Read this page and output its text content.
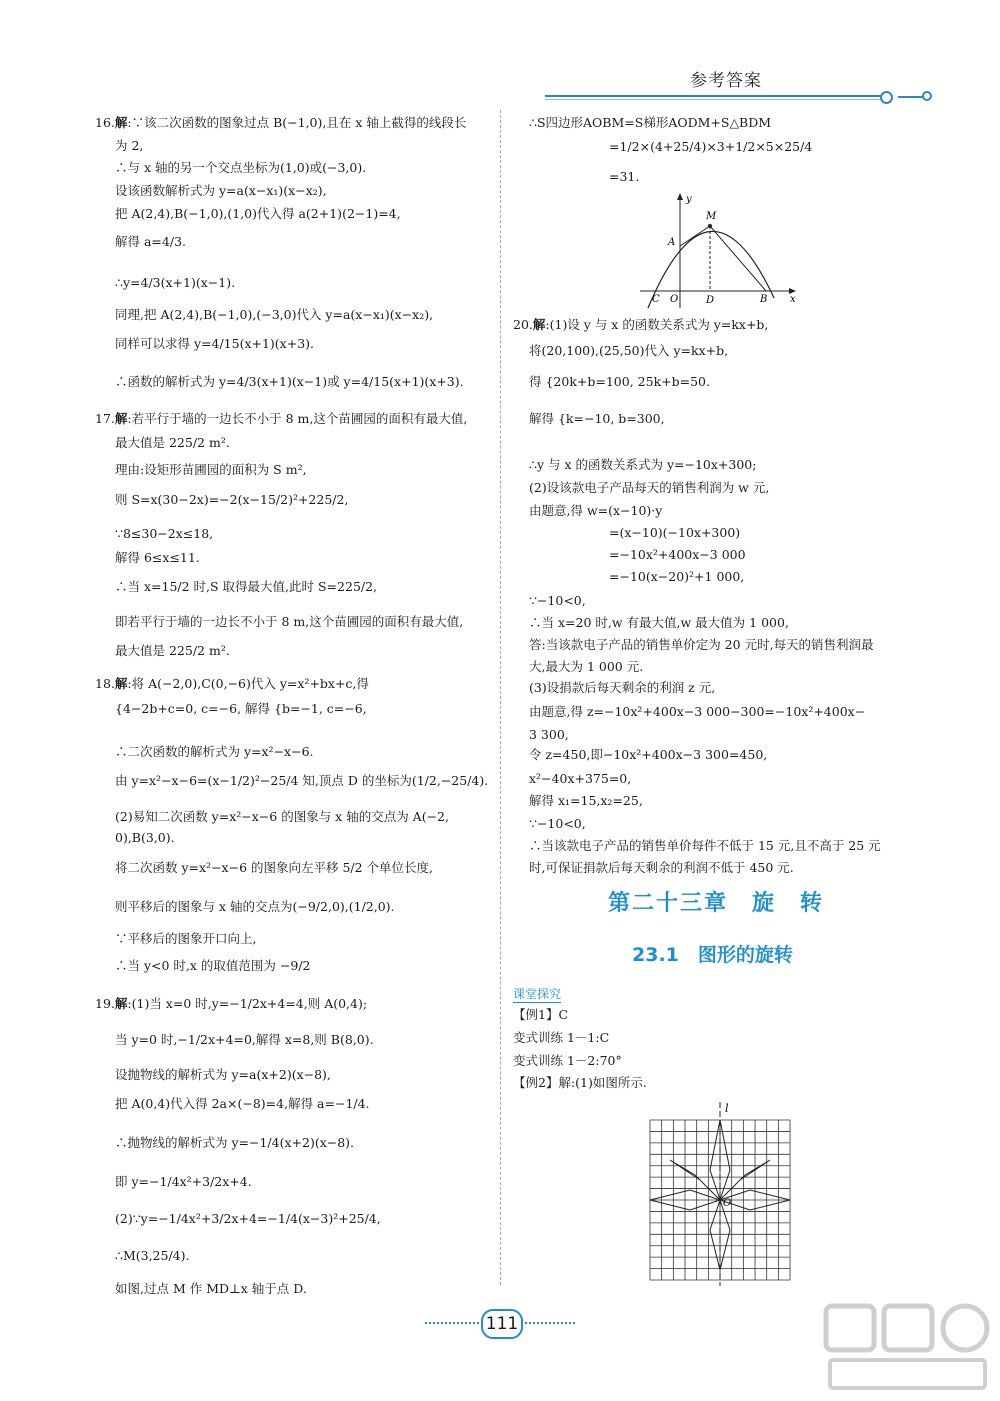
参考答案
16.解:∵该二次函数的图象过点 B(−1,0),且在 x 轴上截得的线段长
为 2,
∴与 x 轴的另一个交点坐标为(1,0)或(−3,0).
设该函数解析式为 y=a(x−x₁)(x−x₂),
把 A(2,4),B(−1,0),(1,0)代入得 a(2+1)(2−1)=4,
解得 a=4/3.
∴y=4/3(x+1)(x−1).
同理,把 A(2,4),B(−1,0),(−3,0)代入 y=a(x−x₁)(x−x₂),
同样可以求得 y=4/15(x+1)(x+3).
∴函数的解析式为 y=4/3(x+1)(x−1)或 y=4/15(x+1)(x+3).
17.解:若平行于墙的一边长不小于 8 m,这个苗圃园的面积有最大值,
最大值是 225/2 m².
理由:设矩形苗圃园的面积为 S m²,
则 S=x(30−2x)=−2(x−15/2)²+225/2,
∵8≤30−2x≤18,
解得 6≤x≤11.
∴当 x=15/2 时,S 取得最大值,此时 S=225/2,
即若平行于墙的一边长不小于 8 m,这个苗圃园的面积有最大值,
最大值是 225/2 m².
18.解:将 A(−2,0),C(0,−6)代入 y=x²+bx+c,得
{4−2b+c=0, c=−6, 解得 {b=−1, c=−6,
∴二次函数的解析式为 y=x²−x−6.
由 y=x²−x−6=(x−1/2)²−25/4 知,顶点 D 的坐标为(1/2,−25/4).
(2)易知二次函数 y=x²−x−6 的图象与 x 轴的交点为 A(−2,
0),B(3,0).
将二次函数 y=x²−x−6 的图象向左平移 5/2 个单位长度,
则平移后的图象与 x 轴的交点为(−9/2,0),(1/2,0).
∵平移后的图象开口向上,
∴当 y<0 时,x 的取值范围为 −9/2
19.解:(1)当 x=0 时,y=−1/2x+4=4,则 A(0,4);
当 y=0 时,−1/2x+4=0,解得 x=8,则 B(8,0).
设抛物线的解析式为 y=a(x+2)(x−8),
把 A(0,4)代入得 2a×(−8)=4,解得 a=−1/4.
∴抛物线的解析式为 y=−1/4(x+2)(x−8).
即 y=−1/4x²+3/2x+4.
(2)∵y=−1/4x²+3/2x+4=−1/4(x−3)²+25/4,
∴M(3,25/4).
如图,过点 M 作 MD⊥x 轴于点 D.
∴S四边形AOBM=S梯形AODM+S△BDM
=1/2×(4+25/4)×3+1/2×5×25/4
=31.
20.解:(1)设 y 与 x 的函数关系式为 y=kx+b,
将(20,100),(25,50)代入 y=kx+b,
得 {20k+b=100, 25k+b=50.
解得 {k=−10, b=300,
∴y 与 x 的函数关系式为 y=−10x+300;
(2)设该款电子产品每天的销售利润为 w 元,
由题意,得 w=(x−10)·y
=(x−10)(−10x+300)
=−10x²+400x−3 000
=−10(x−20)²+1 000,
∵−10<0,
∴当 x=20 时,w 有最大值,w 最大值为 1 000,
答:当该款电子产品的销售单价定为 20 元时,每天的销售利润最
大,最大为 1 000 元.
(3)设捐款后每天剩余的利润 z 元,
由题意,得 z=−10x²+400x−3 000−300=−10x²+400x−
3 300,
令 z=450,即−10x²+400x−3 300=450,
x²−40x+375=0,
解得 x₁=15,x₂=25,
∵−10<0,
∴当该款电子产品的销售单价每件不低于 15 元,且不高于 25 元
时,可保证捐款后每天剩余的利润不低于 450 元.
y
M
A
C O	D	B x
第二十三章　旋　转
23.1　图形的旋转
课堂探究
【例1】C
变式训练 1－1:C
变式训练 1－2:70°
【例2】解:(1)如图所示.
l
O
111
